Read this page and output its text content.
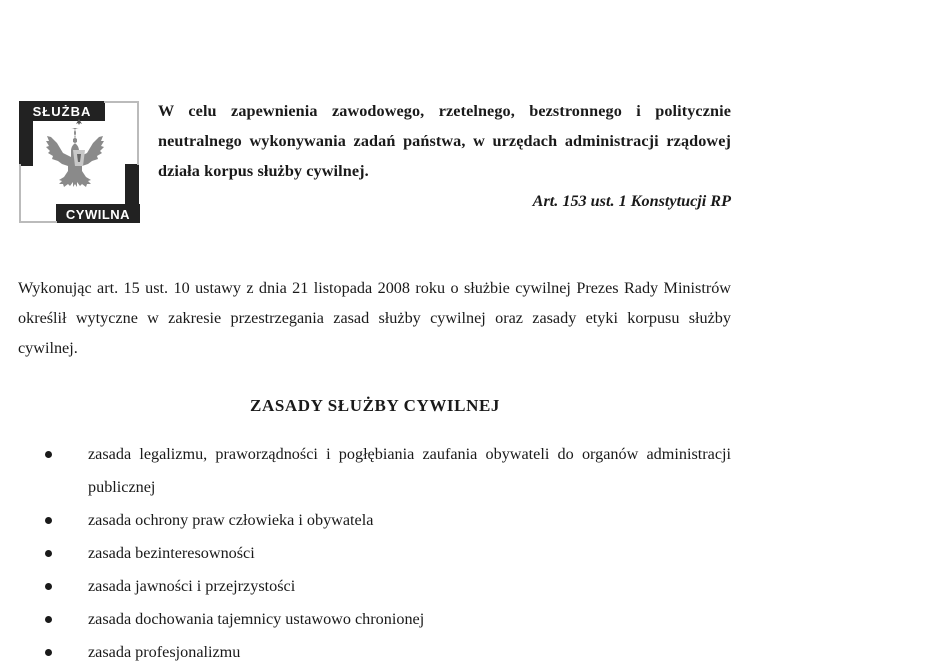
SŁUŻBA
CYWILNA
W celu zapewnienia zawodowego, rzetelnego, bezstronnego i politycznie neutralnego wykonywania zadań państwa, w urzędach administracji rządowej działa korpus służby cywilnej.
Art. 153 ust. 1 Konstytucji RP
Wykonując art. 15 ust. 10 ustawy z dnia 21 listopada 2008 roku o służbie cywilnej Prezes Rady Ministrów określił wytyczne w zakresie przestrzegania zasad służby cywilnej oraz zasady etyki korpusu służby cywilnej.
ZASADY SŁUŻBY CYWILNEJ
zasada legalizmu, praworządności i pogłębiania zaufania obywateli do organów administracji publicznej
zasada ochrony praw człowieka i obywatela
zasada bezinteresowności
zasada jawności i przejrzystości
zasada dochowania tajemnicy ustawowo chronionej
zasada profesjonalizmu
